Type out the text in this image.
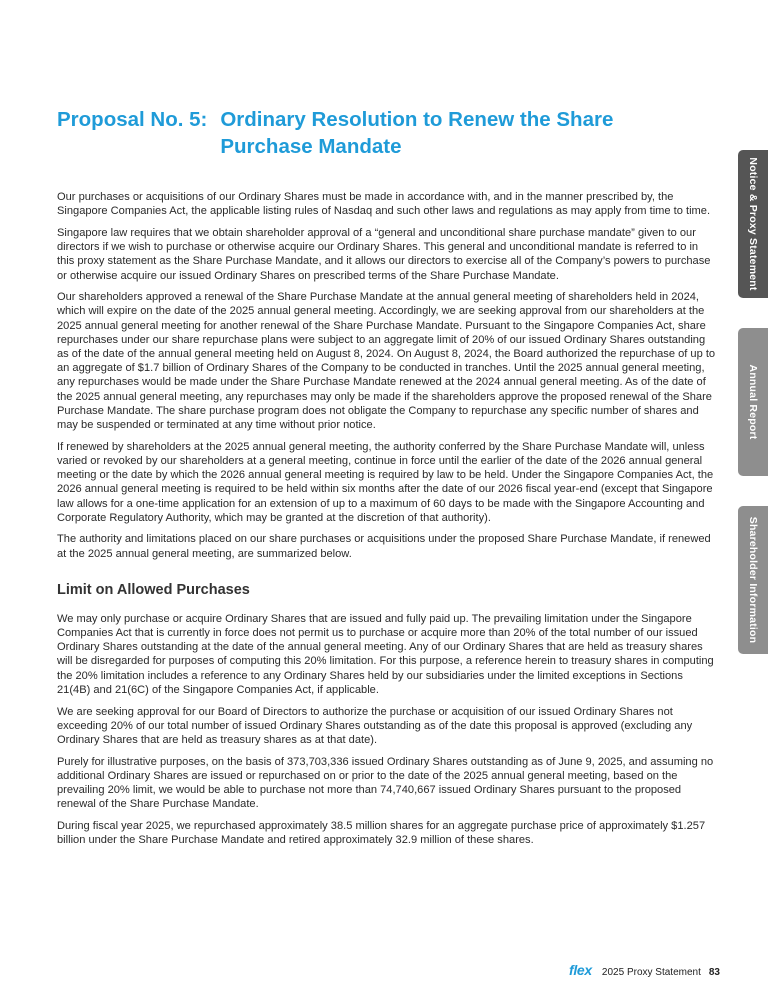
Proposal No. 5: Ordinary Resolution to Renew the Share Purchase Mandate

Our purchases or acquisitions of our Ordinary Shares must be made in accordance with, and in the manner prescribed by, the Singapore Companies Act, the applicable listing rules of Nasdaq and such other laws and regulations as may apply from time to time.

Singapore law requires that we obtain shareholder approval of a “general and unconditional share purchase mandate” given to our directors if we wish to purchase or otherwise acquire our Ordinary Shares. This general and unconditional mandate is referred to in this proxy statement as the Share Purchase Mandate, and it allows our directors to exercise all of the Company’s powers to purchase or otherwise acquire our issued Ordinary Shares on prescribed terms of the Share Purchase Mandate.

Our shareholders approved a renewal of the Share Purchase Mandate at the annual general meeting of shareholders held in 2024, which will expire on the date of the 2025 annual general meeting. Accordingly, we are seeking approval from our shareholders at the 2025 annual general meeting for another renewal of the Share Purchase Mandate. Pursuant to the Singapore Companies Act, share repurchases under our share repurchase plans were subject to an aggregate limit of 20% of our issued Ordinary Shares outstanding as of the date of the annual general meeting held on August 8, 2024. On August 8, 2024, the Board authorized the repurchase of up to an aggregate of $1.7 billion of Ordinary Shares of the Company to be conducted in tranches. Until the 2025 annual general meeting, any repurchases would be made under the Share Purchase Mandate renewed at the 2024 annual general meeting. As of the date of the 2025 annual general meeting, any repurchases may only be made if the shareholders approve the proposed renewal of the Share Purchase Mandate. The share purchase program does not obligate the Company to repurchase any specific number of shares and may be suspended or terminated at any time without prior notice.

If renewed by shareholders at the 2025 annual general meeting, the authority conferred by the Share Purchase Mandate will, unless varied or revoked by our shareholders at a general meeting, continue in force until the earlier of the date of the 2026 annual general meeting or the date by which the 2026 annual general meeting is required by law to be held. Under the Singapore Companies Act, the 2026 annual general meeting is required to be held within six months after the date of our 2026 fiscal year-end (except that Singapore law allows for a one-time application for an extension of up to a maximum of 60 days to be made with the Singapore Accounting and Corporate Regulatory Authority, which may be granted at the discretion of that authority).

The authority and limitations placed on our share purchases or acquisitions under the proposed Share Purchase Mandate, if renewed at the 2025 annual general meeting, are summarized below.

Limit on Allowed Purchases

We may only purchase or acquire Ordinary Shares that are issued and fully paid up. The prevailing limitation under the Singapore Companies Act that is currently in force does not permit us to purchase or acquire more than 20% of the total number of our issued Ordinary Shares outstanding at the date of the annual general meeting. Any of our Ordinary Shares that are held as treasury shares will be disregarded for purposes of computing this 20% limitation. For this purpose, a reference herein to treasury shares in computing the 20% limitation includes a reference to any Ordinary Shares held by our subsidiaries under the limited exceptions in Sections 21(4B) and 21(6C) of the Singapore Companies Act, if applicable.

We are seeking approval for our Board of Directors to authorize the purchase or acquisition of our issued Ordinary Shares not exceeding 20% of our total number of issued Ordinary Shares outstanding as of the date this proposal is approved (excluding any Ordinary Shares that are held as treasury shares as at that date).

Purely for illustrative purposes, on the basis of 373,703,336 issued Ordinary Shares outstanding as of June 9, 2025, and assuming no additional Ordinary Shares are issued or repurchased on or prior to the date of the 2025 annual general meeting, based on the prevailing 20% limit, we would be able to purchase not more than 74,740,667 issued Ordinary Shares pursuant to the proposed renewal of the Share Purchase Mandate.

During fiscal year 2025, we repurchased approximately 38.5 million shares for an aggregate purchase price of approximately $1.257 billion under the Share Purchase Mandate and retired approximately 32.9 million of these shares.

Notice & Proxy Statement
Annual Report
Shareholder Information
flex 2025 Proxy Statement 83
